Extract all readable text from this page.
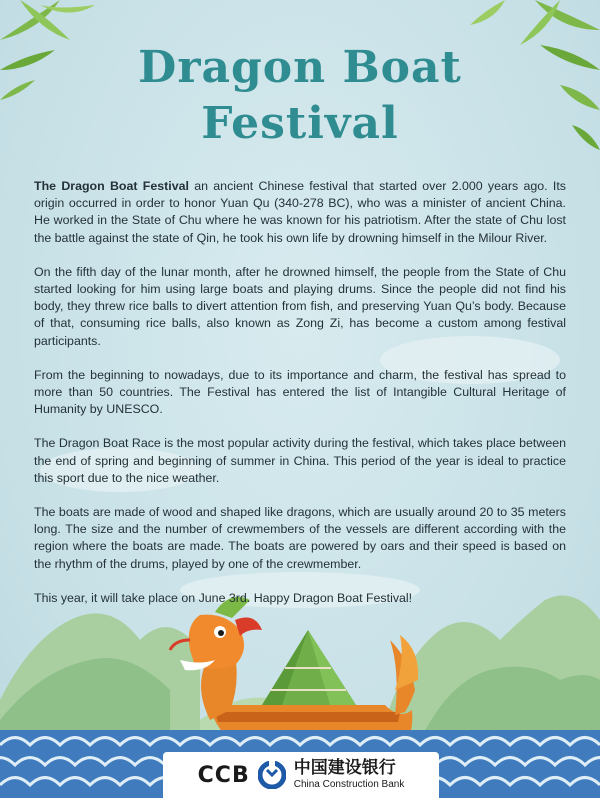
Dragon Boat
Festival

The Dragon Boat Festival an ancient Chinese festival that started over 2.000 years ago. Its origin occurred in order to honor Yuan Qu (340-278 BC), who was a minister of ancient China. He worked in the State of Chu where he was known for his patriotism. After the state of Chu lost the battle against the state of Qin, he took his own life by drowning himself in the Milour River.

On the fifth day of the lunar month, after he drowned himself, the people from the State of Chu started looking for him using large boats and playing drums. Since the people did not find his body, they threw rice balls to divert attention from fish, and preserving Yuan Qu’s body. Because of that, consuming rice balls, also known as Zong Zi, has become a custom among festival participants.

From the beginning to nowadays, due to its importance and charm, the festival has spread to more than 50 countries. The Festival has entered the list of Intangible Cultural Heritage of Humanity by UNESCO.

The Dragon Boat Race is the most popular activity during the festival, which takes place between the end of spring and beginning of summer in China. This period of the year is ideal to practice this sport due to the nice weather.

The boats are made of wood and shaped like dragons, which are usually around 20 to 35 meters long. The size and the number of crewmembers of the vessels are different according with the region where the boats are made. The boats are powered by oars and their speed is based on the rhythm of the drums, played by one of the crewmember.

This year, it will take place on June 3rd. Happy Dragon Boat Festival!

CCB	中国建设银行
China Construction Bank
